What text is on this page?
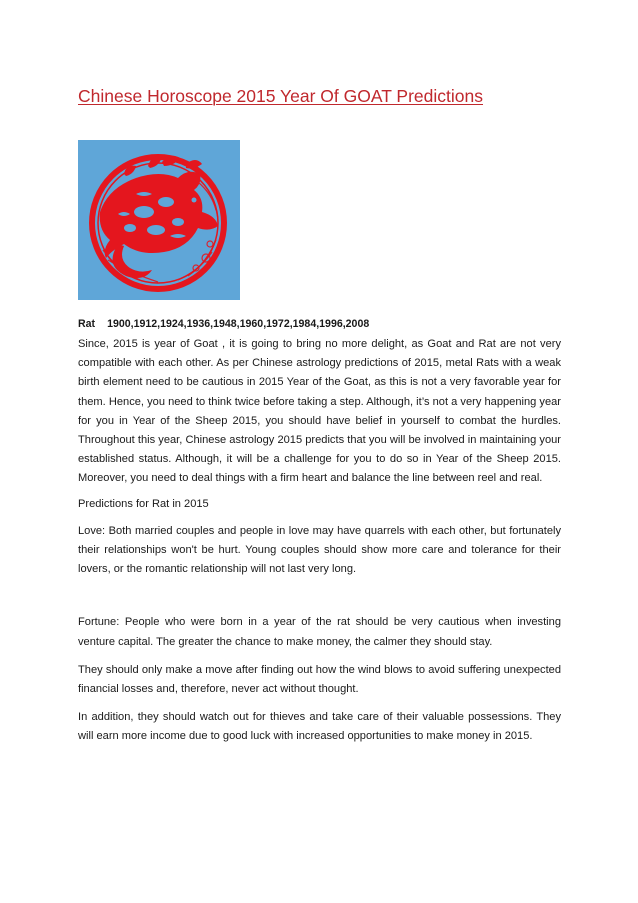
Chinese Horoscope 2015 Year Of GOAT Predictions
Rat 1900,1912,1924,1936,1948,1960,1972,1984,1996,2008

Since, 2015 is year of Goat , it is going to bring no more delight, as Goat and Rat are not very compatible with each other. As per Chinese astrology predictions of 2015, metal Rats with a weak birth element need to be cautious in 2015 Year of the Goat, as this is not a very favorable year for them. Hence, you need to think twice before taking a step. Although, it’s not a very happening year for you in Year of the Sheep 2015, you should have belief in yourself to combat the hurdles. Throughout this year, Chinese astrology 2015 predicts that you will be involved in maintaining your established status. Although, it will be a challenge for you to do so in Year of the Sheep 2015. Moreover, you need to deal things with a firm heart and balance the line between reel and real.

Predictions for Rat in 2015

Love: Both married couples and people in love may have quarrels with each other, but fortunately their relationships won't be hurt. Young couples should show more care and tolerance for their lovers, or the romantic relationship will not last very long.

Fortune: People who were born in a year of the rat should be very cautious when investing venture capital. The greater the chance to make money, the calmer they should stay.

They should only make a move after finding out how the wind blows to avoid suffering unexpected financial losses and, therefore, never act without thought.

In addition, they should watch out for thieves and take care of their valuable possessions. They will earn more income due to good luck with increased opportunities to make money in 2015.
